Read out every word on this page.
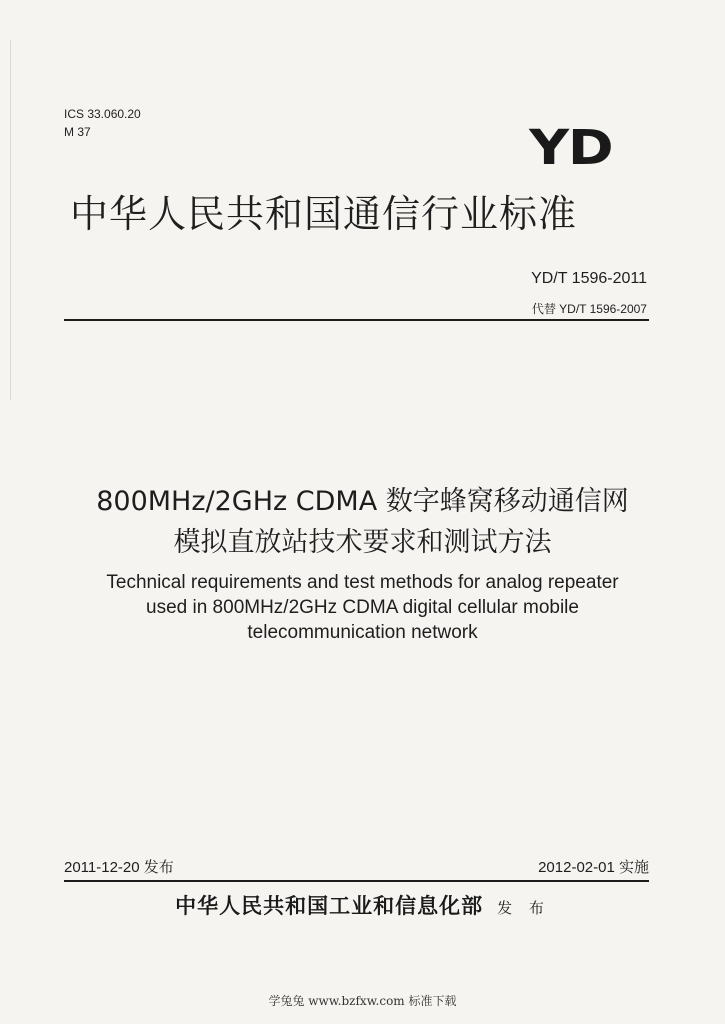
ICS 33.060.20
M 37	YD
中华人民共和国通信行业标准
YD/T 1596-2011
代替 YD/T 1596-2007
800MHz/2GHz CDMA 数字蜂窝移动通信网
模拟直放站技术要求和测试方法
Technical requirements and test methods for analog repeater
used in 800MHz/2GHz CDMA digital cellular mobile
telecommunication network
2011-12-20 发布	2012-02-01 实施
中华人民共和国工业和信息化部 发 布
学兔兔 www.bzfxw.com 标准下载
